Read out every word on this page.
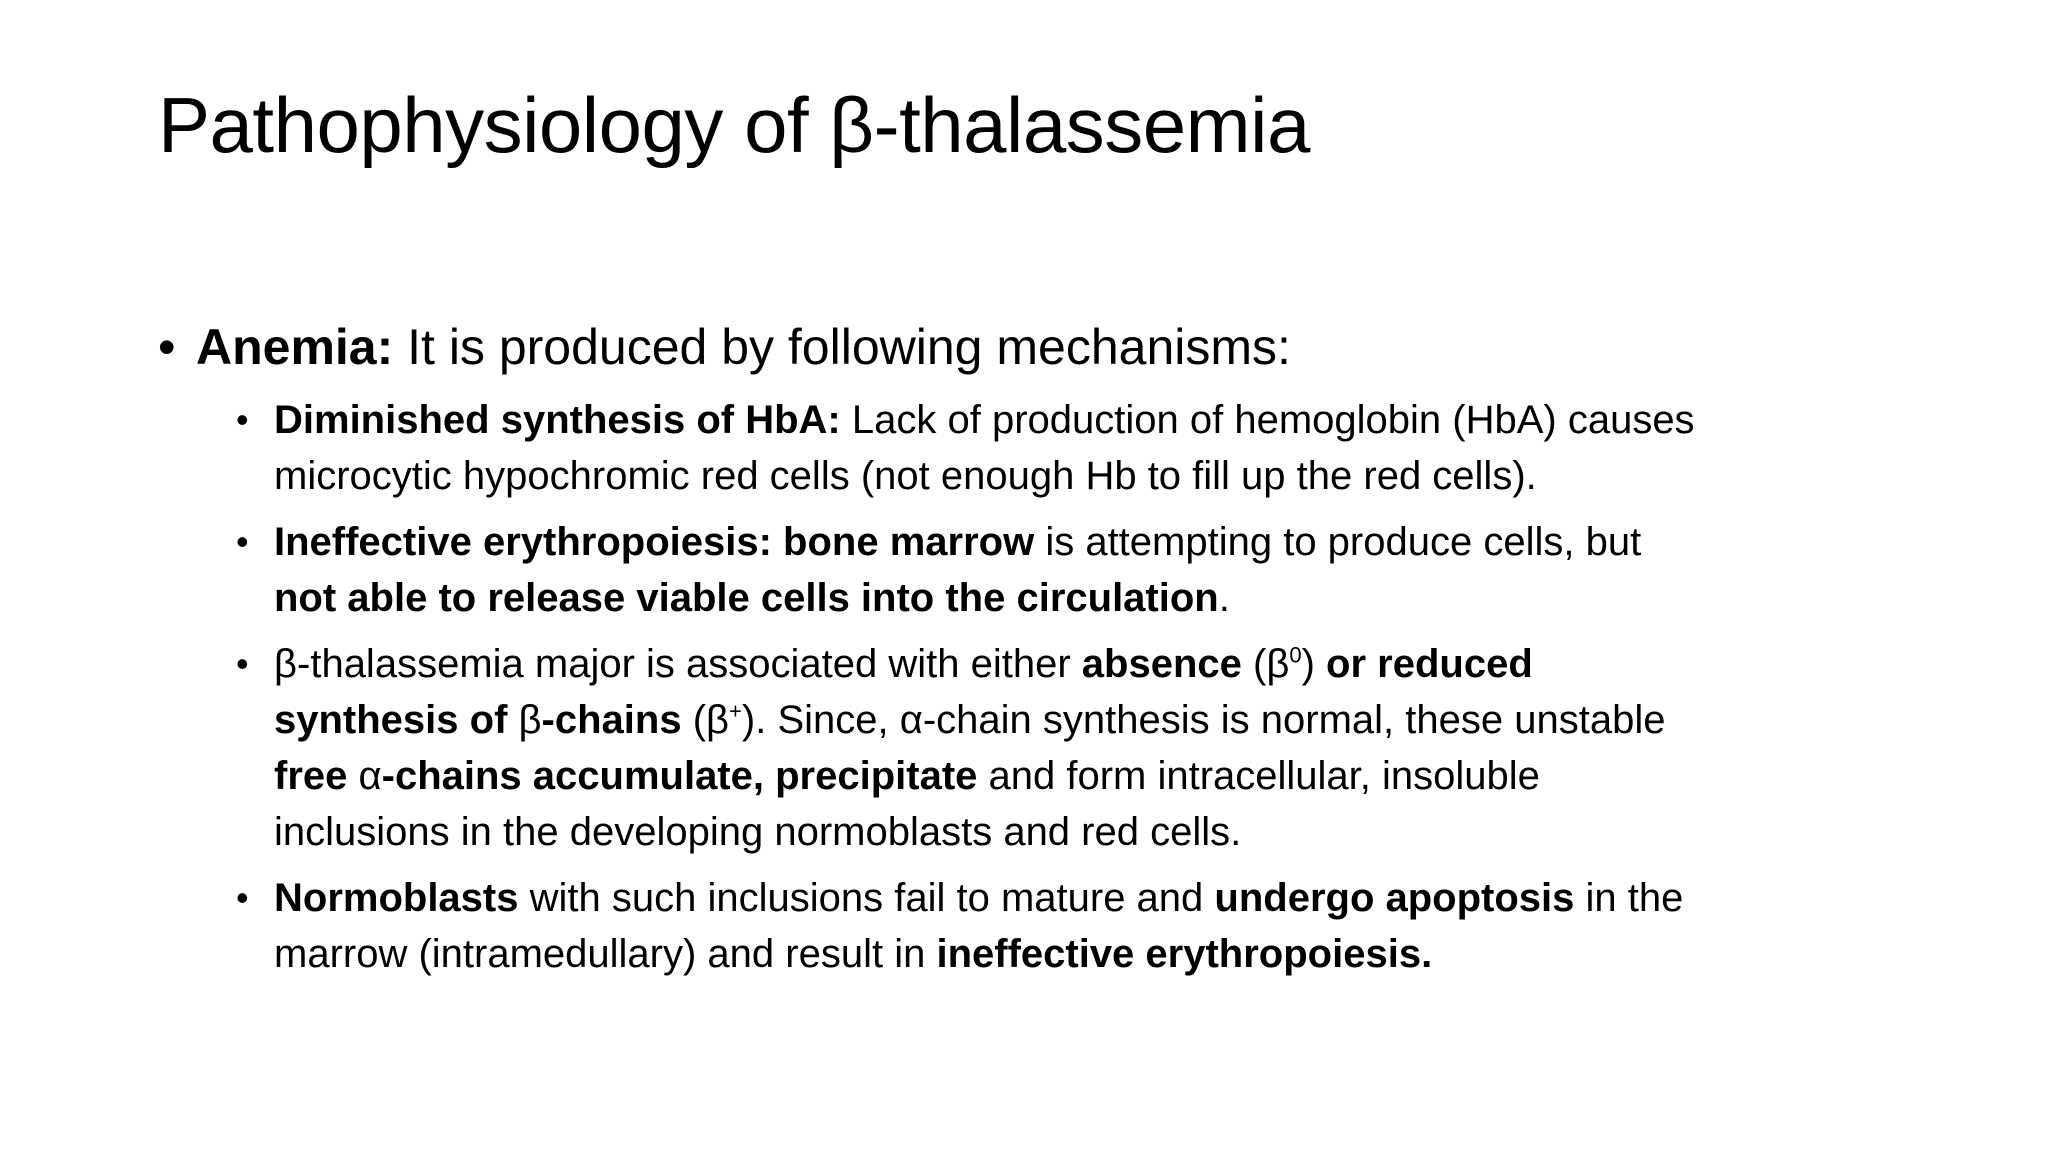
Pathophysiology of β-thalassemia
• Anemia: It is produced by following mechanisms:
• Diminished synthesis of HbA: Lack of production of hemoglobin (HbA) causes
microcytic hypochromic red cells (not enough Hb to fill up the red cells).
• Ineffective erythropoiesis: bone marrow is attempting to produce cells, but
not able to release viable cells into the circulation.
• β-thalassemia major is associated with either absence $(\beta^0)$ or reduced
synthesis of β-chains (β+). Since, α-chain synthesis is normal, these unstable
free α-chains accumulate, precipitate and form intracellular, insoluble
inclusions in the developing normoblasts and red cells.
• Normoblasts with such inclusions fail to mature and undergo apoptosis in the
marrow (intramedullary) and result in ineffective erythropoiesis.
